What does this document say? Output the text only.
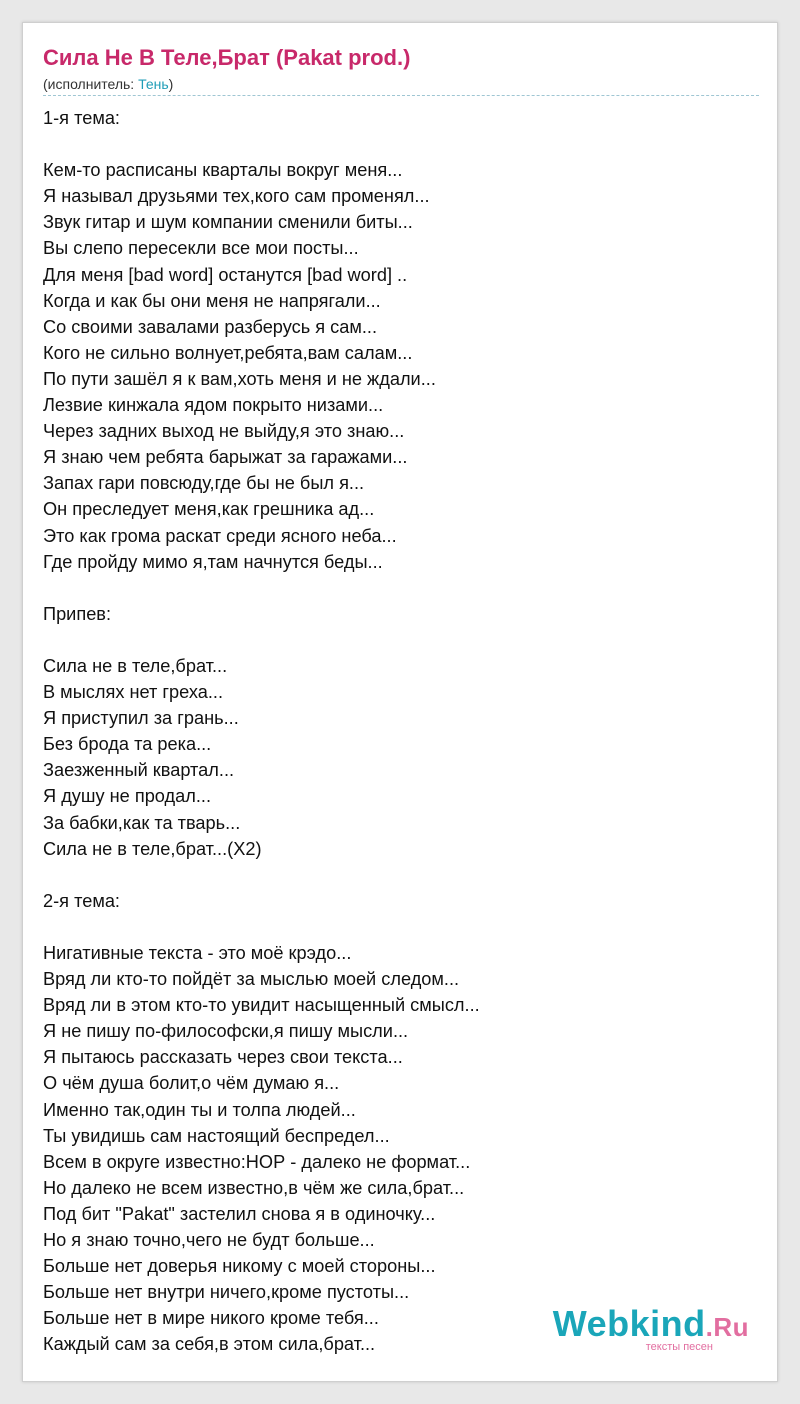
Сила Не В Теле,Брат (Pakat prod.)
(исполнитель: Тень)
1-я тема:
Кем-то расписаны кварталы вокруг меня...
Я называл друзьями тех,кого сам променял...
Звук гитар и шум компании сменили биты...
Вы слепо пересекли все мои посты...
Для меня [bad word] останутся [bad word] ..
Когда и как бы они меня не напрягали...
Со своими завалами разберусь я сам...
Кого не сильно волнует,ребята,вам салам...
По пути зашёл я к вам,хоть меня и не ждали...
Лезвие кинжала ядом покрыто низами...
Через задних выход не выйду,я это знаю...
Я знаю чем ребята барыжат за гаражами...
Запах гари повсюду,где бы не был я...
Он преследует меня,как грешника ад...
Это как грома раскат среди ясного неба...
Где пройду мимо я,там начнутся беды...
Припев:
Сила не в теле,брат...
В мыслях нет греха...
Я приступил за грань...
Без брода та река...
Заезженный квартал...
Я душу не продал...
За бабки,как та тварь...
Сила не в теле,брат...(Х2)
2-я тема:
Нигативные текста - это моё крэдо...
Вряд ли кто-то пойдёт за мыслью моей следом...
Вряд ли в этом кто-то увидит насыщенный смысл...
Я не пишу по-философски,я пишу мысли...
Я пытаюсь рассказать через свои текста...
О чём душа болит,о чём думаю я...
Именно так,один ты и толпа людей...
Ты увидишь сам настоящий беспредел...
Всем в округе известно:НОР - далеко не формат...
Но далеко не всем известно,в чём же сила,брат...
Под бит "Pakat" застелил снова я в одиночку...
Но я знаю точно,чего не будт больше...
Больше нет доверья никому с моей стороны...
Больше нет внутри ничего,кроме пустоты...
Больше нет в мире никого кроме тебя...
Каждый сам за себя,в этом сила,брат...
Webkind.Ru
тексты песен
